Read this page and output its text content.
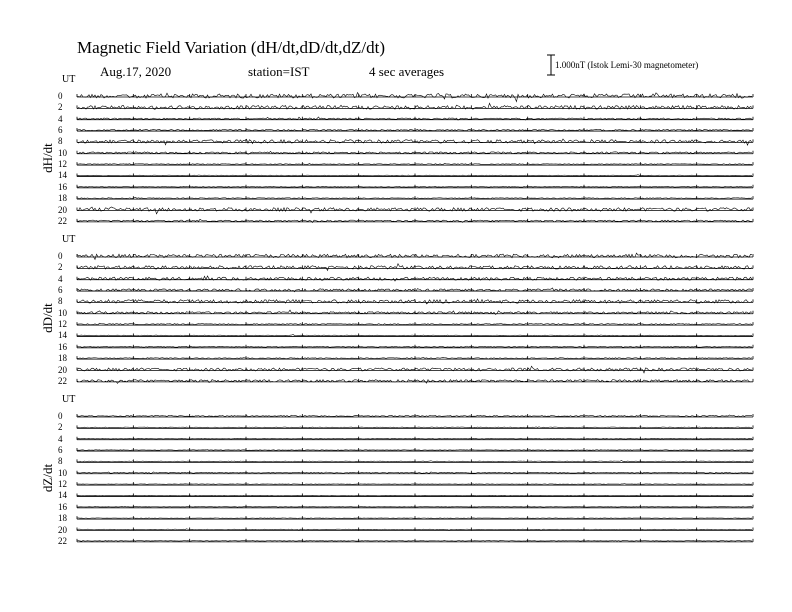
Magnetic Field Variation (dH/dt,dD/dt,dZ/dt)
Aug.17, 2020	station=IST	4 sec averages	1.000nT (Istok Lemi-30 magnetometer)
UT
UT
UT
dH/dt
dD/dt
dZ/dt
0
2
4
6
8
10
12
14
16
18
20
22
0
2
4
6
8
10
12
14
16
18
20
22
0
2
4
6
8
10
12
14
16
18
20
22
